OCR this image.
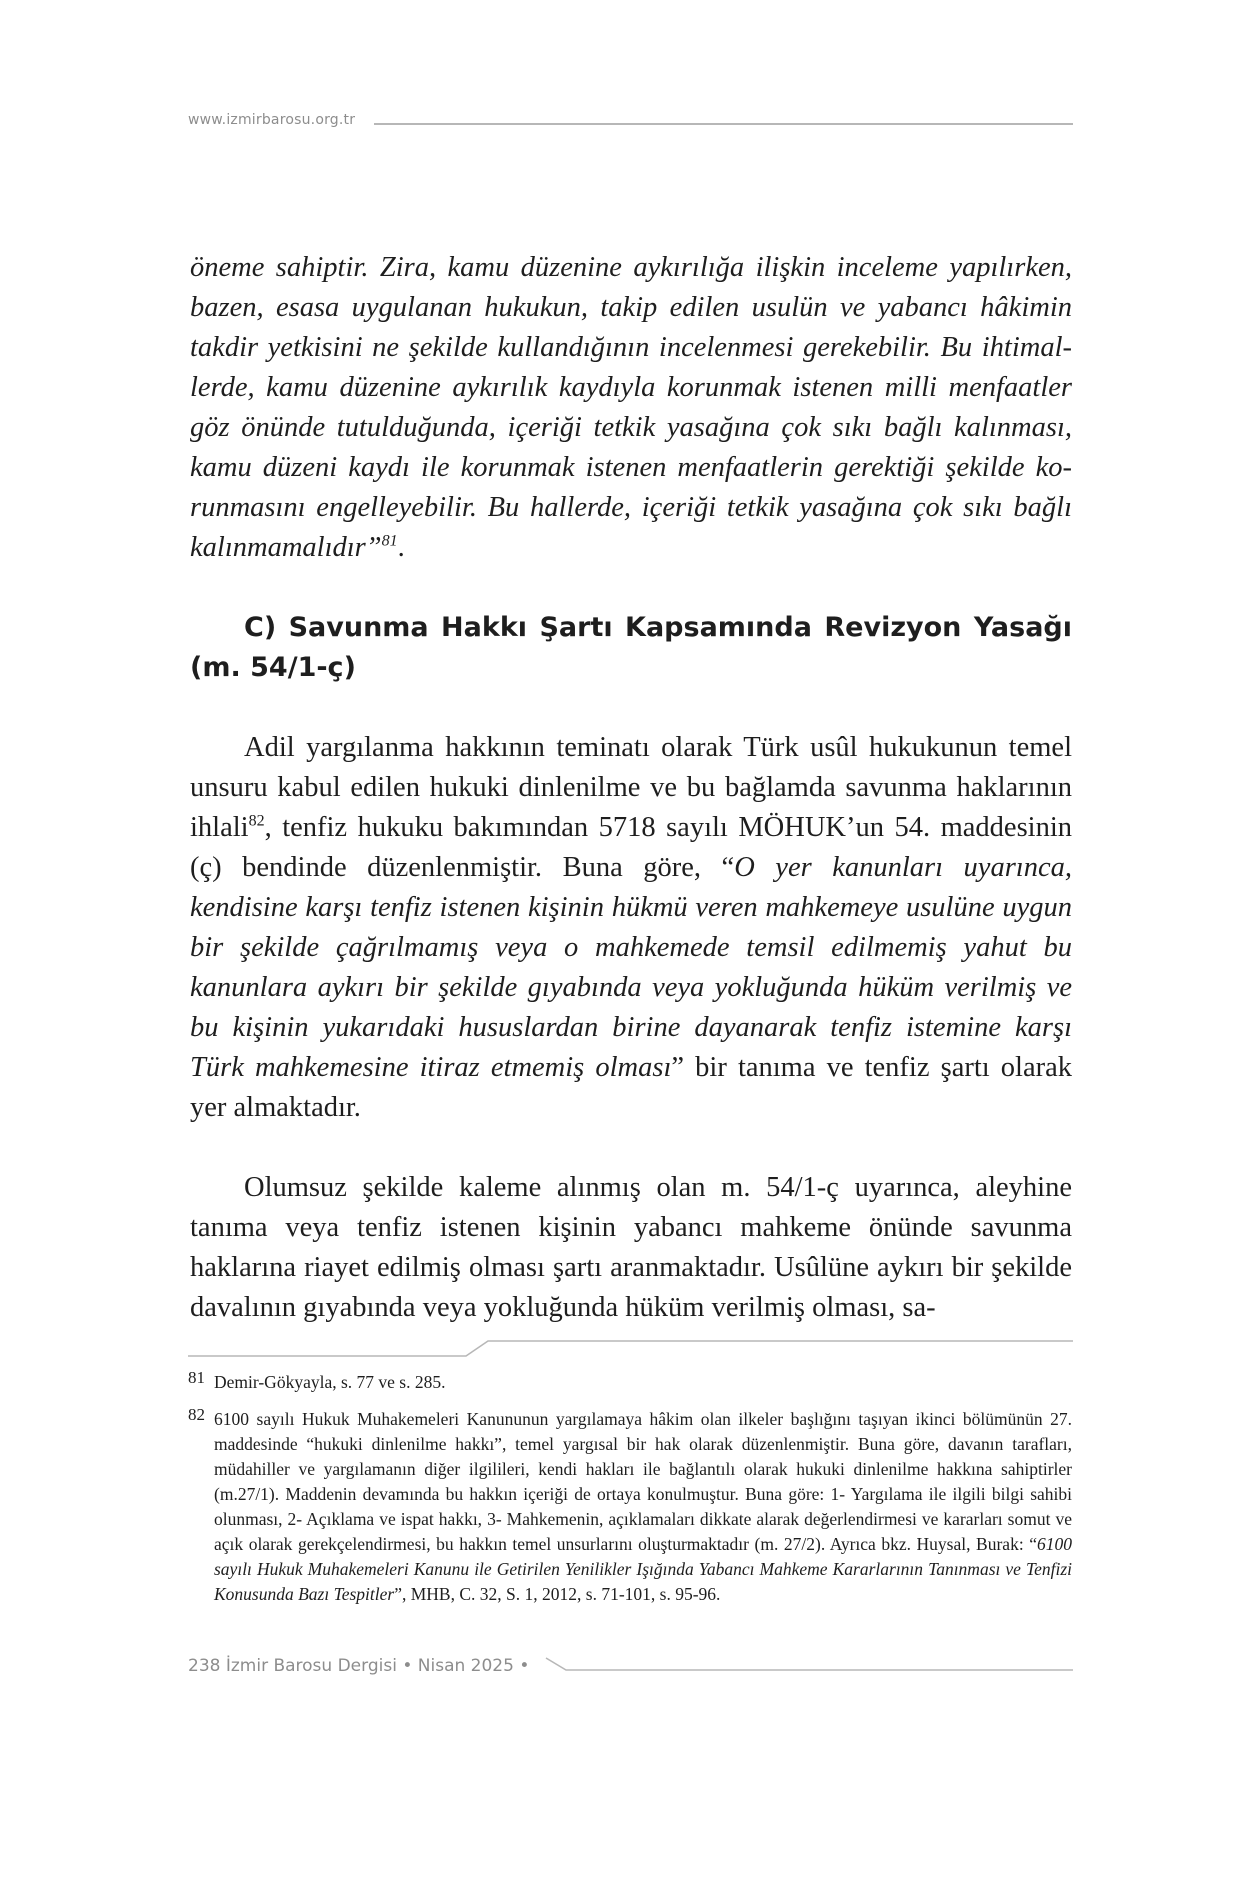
www.izmirbarosu.org.tr

öneme sahiptir. Zira, kamu düzenine aykırılığa ilişkin inceleme yapılırken, bazen, esasa uygulanan hukukun, takip edilen usulün ve yabancı hâkimin takdir yetkisini ne şekilde kullandığının incelenmesi gerekebilir. Bu ihtimallerde, kamu düzenine aykırılık kaydıyla korunmak istenen milli menfaatler göz önünde tutulduğunda, içeriği tetkik yasağına çok sıkı bağlı kalınması, kamu düzeni kaydı ile korunmak istenen menfaatlerin gerektiği şekilde korunmasını engelleyebilir. Bu hallerde, içeriği tetkik yasağına çok sıkı bağlı kalınmamalıdır”$^{81}$.

C) Savunma Hakkı Şartı Kapsamında Revizyon Yasağı
(m. 54/1-ç)

Adil yargılanma hakkının teminatı olarak Türk usûl hukukunun temel unsuru kabul edilen hukuki dinlenilme ve bu bağlamda savunma haklarının ihlali$^{82}$, tenfiz hukuku bakımından 5718 sayılı MÖHUK’un 54. maddesinin (ç) bendinde düzenlenmiştir. Buna göre, “O yer kanunları uyarınca, kendisine karşı tenfiz istenen kişinin hükmü veren mahkemeye usulüne uygun bir şekilde çağrılmamış veya o mahkemede temsil edilmemiş yahut bu kanunlara aykırı bir şekilde gıyabında veya yokluğunda hüküm verilmiş ve bu kişinin yukarıdaki hususlardan birine dayanarak tenfiz istemine karşı Türk mahkemesine itiraz etmemiş olması” bir tanıma ve tenfiz şartı olarak yer almaktadır.

Olumsuz şekilde kaleme alınmış olan m. 54/1-ç uyarınca, aleyhine tanıma veya tenfiz istenen kişinin yabancı mahkeme önünde savunma haklarına riayet edilmiş olması şartı aranmaktadır. Usûlüne aykırı bir şekilde davalının gıyabında veya yokluğunda hüküm verilmiş olması, sa-

81 Demir-Gökyayla, s. 77 ve s. 285.
82 6100 sayılı Hukuk Muhakemeleri Kanununun yargılamaya hâkim olan ilkeler başlığını taşıyan ikinci bölümünün 27. maddesinde “hukuki dinlenilme hakkı”, temel yargısal bir hak olarak düzenlenmiştir. Buna göre, davanın tarafları, müdahiller ve yargılamanın diğer ilgilileri, kendi hakları ile bağlantılı olarak hukuki dinlenilme hakkına sahiptirler (m.27/1). Maddenin devamında bu hakkın içeriği de ortaya konulmuştur. Buna göre: 1- Yargılama ile ilgili bilgi sahibi olunması, 2- Açıklama ve ispat hakkı, 3- Mahkemenin, açıklamaları dikkate alarak değerlendirmesi ve kararları somut ve açık olarak gerekçelendirmesi, bu hakkın temel unsurlarını oluşturmaktadır (m. 27/2). Ayrıca bkz. Huysal, Burak: “6100 sayılı Hukuk Muhakemeleri Kanunu ile Getirilen Yenilikler Işığında Yabancı Mahkeme Kararlarının Tanınması ve Tenfizi Konusunda Bazı Tespitler”, MHB, C. 32, S. 1, 2012, s. 71-101, s. 95-96.
238 İzmir Barosu Dergisi • Nisan 2025 •
